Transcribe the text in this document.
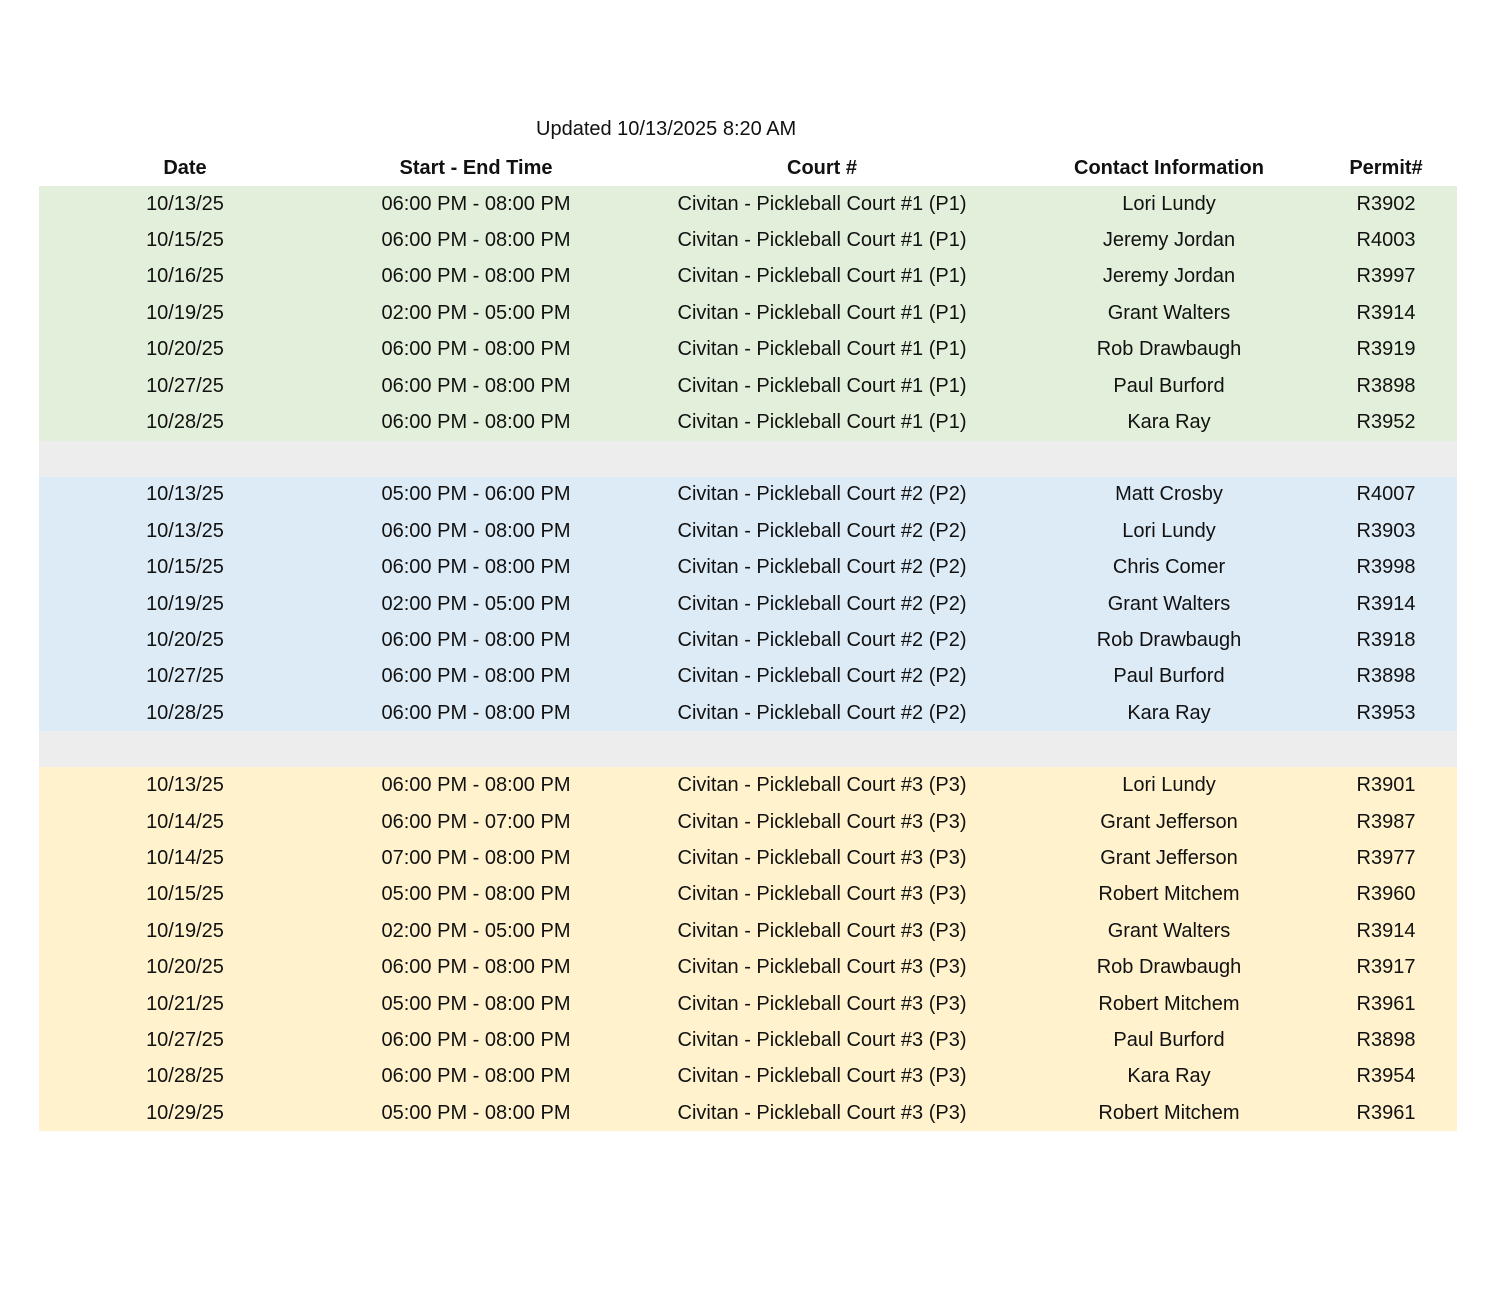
Updated 10/13/2025 8:20 AM
Date	Start - End Time	Court #	Contact Information	Permit#
10/13/25	06:00 PM - 08:00 PM	Civitan - Pickleball Court #1 (P1)	Lori Lundy	R3902
10/15/25	06:00 PM - 08:00 PM	Civitan - Pickleball Court #1 (P1)	Jeremy Jordan	R4003
10/16/25	06:00 PM - 08:00 PM	Civitan - Pickleball Court #1 (P1)	Jeremy Jordan	R3997
10/19/25	02:00 PM - 05:00 PM	Civitan - Pickleball Court #1 (P1)	Grant Walters	R3914
10/20/25	06:00 PM - 08:00 PM	Civitan - Pickleball Court #1 (P1)	Rob Drawbaugh	R3919
10/27/25	06:00 PM - 08:00 PM	Civitan - Pickleball Court #1 (P1)	Paul Burford	R3898
10/28/25	06:00 PM - 08:00 PM	Civitan - Pickleball Court #1 (P1)	Kara Ray	R3952
10/13/25	05:00 PM - 06:00 PM	Civitan - Pickleball Court #2 (P2)	Matt Crosby	R4007
10/13/25	06:00 PM - 08:00 PM	Civitan - Pickleball Court #2 (P2)	Lori Lundy	R3903
10/15/25	06:00 PM - 08:00 PM	Civitan - Pickleball Court #2 (P2)	Chris Comer	R3998
10/19/25	02:00 PM - 05:00 PM	Civitan - Pickleball Court #2 (P2)	Grant Walters	R3914
10/20/25	06:00 PM - 08:00 PM	Civitan - Pickleball Court #2 (P2)	Rob Drawbaugh	R3918
10/27/25	06:00 PM - 08:00 PM	Civitan - Pickleball Court #2 (P2)	Paul Burford	R3898
10/28/25	06:00 PM - 08:00 PM	Civitan - Pickleball Court #2 (P2)	Kara Ray	R3953
10/13/25	06:00 PM - 08:00 PM	Civitan - Pickleball Court #3 (P3)	Lori Lundy	R3901
10/14/25	06:00 PM - 07:00 PM	Civitan - Pickleball Court #3 (P3)	Grant Jefferson	R3987
10/14/25	07:00 PM - 08:00 PM	Civitan - Pickleball Court #3 (P3)	Grant Jefferson	R3977
10/15/25	05:00 PM - 08:00 PM	Civitan - Pickleball Court #3 (P3)	Robert Mitchem	R3960
10/19/25	02:00 PM - 05:00 PM	Civitan - Pickleball Court #3 (P3)	Grant Walters	R3914
10/20/25	06:00 PM - 08:00 PM	Civitan - Pickleball Court #3 (P3)	Rob Drawbaugh	R3917
10/21/25	05:00 PM - 08:00 PM	Civitan - Pickleball Court #3 (P3)	Robert Mitchem	R3961
10/27/25	06:00 PM - 08:00 PM	Civitan - Pickleball Court #3 (P3)	Paul Burford	R3898
10/28/25	06:00 PM - 08:00 PM	Civitan - Pickleball Court #3 (P3)	Kara Ray	R3954
10/29/25	05:00 PM - 08:00 PM	Civitan - Pickleball Court #3 (P3)	Robert Mitchem	R3961
